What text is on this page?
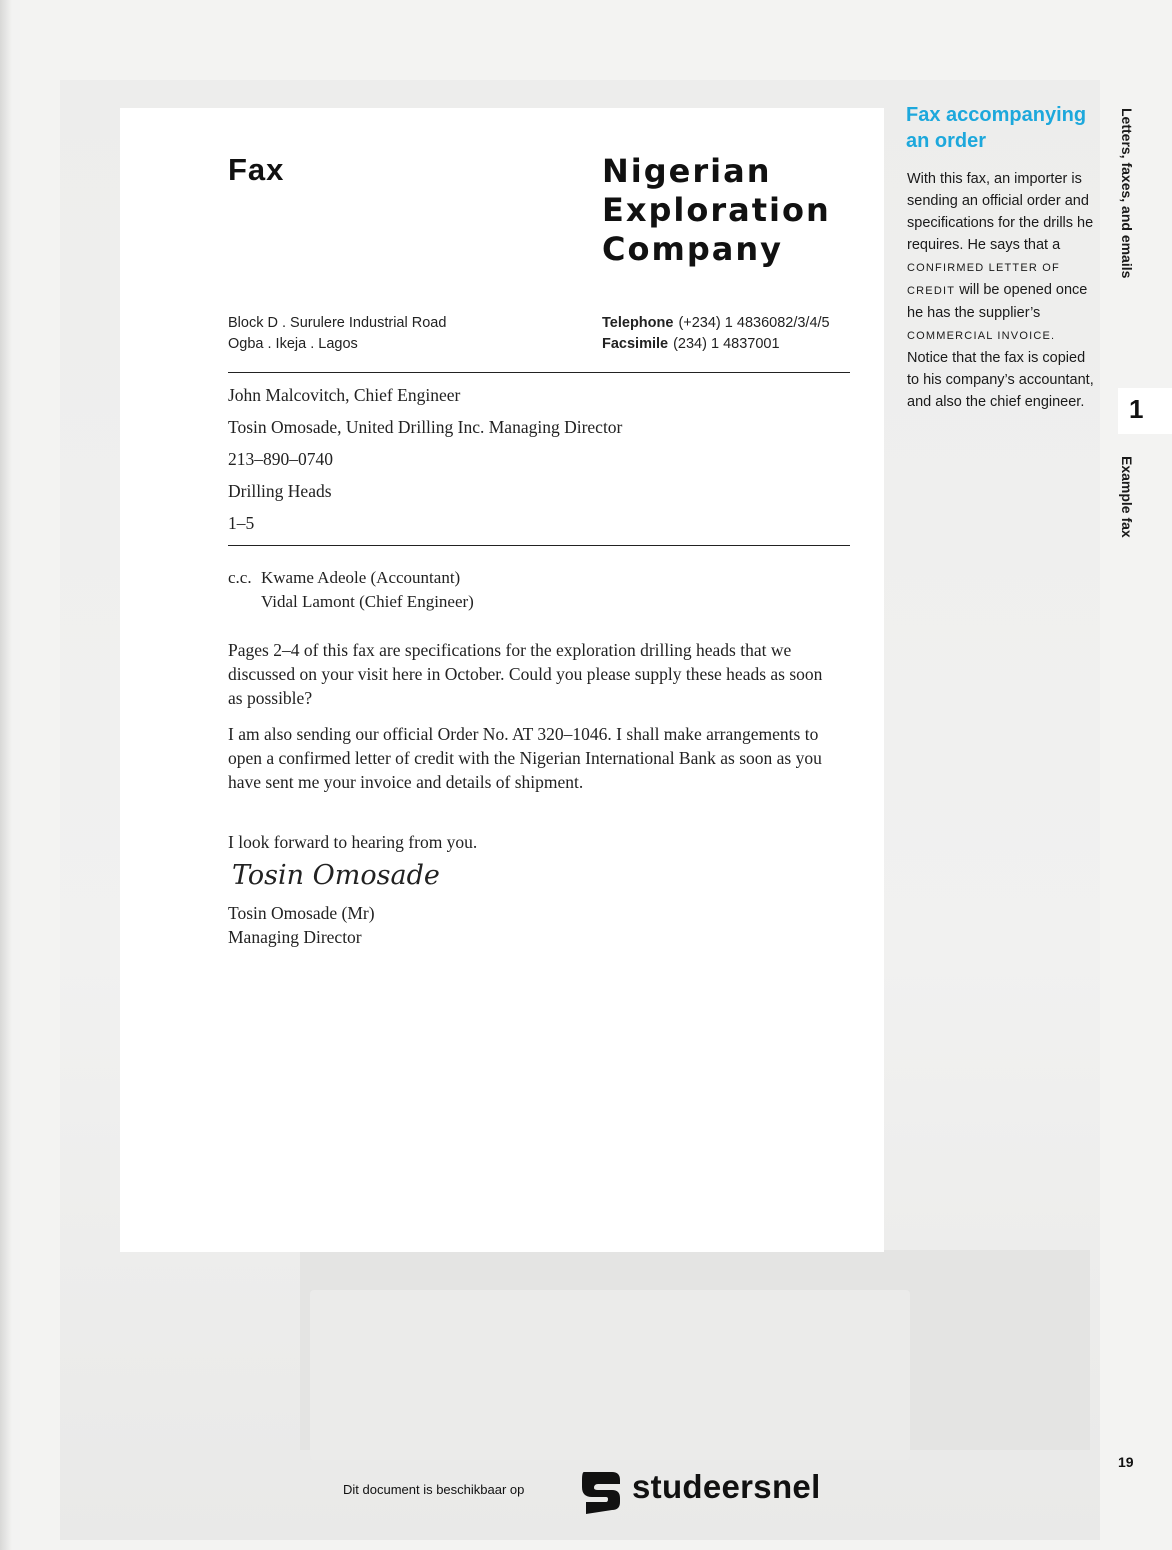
Fax	Nigerian
Exploration
Company
Block D . Surulere Industrial Road
Ogba . Ikeja . Lagos
Telephone (+234) 1 4836082/3/4/5
Facsimile (234) 1 4837001
John Malcovitch, Chief Engineer
Tosin Omosade, United Drilling Inc. Managing Director
213–890–0740
Drilling Heads
1–5
c.c. Kwame Adeole (Accountant)
Vidal Lamont (Chief Engineer)
Pages 2–4 of this fax are specifications for the exploration drilling heads that we discussed on your visit here in October. Could you please supply these heads as soon as possible?
I am also sending our official Order No. AT 320–1046. I shall make arrangements to open a confirmed letter of credit with the Nigerian International Bank as soon as you have sent me your invoice and details of shipment.
I look forward to hearing from you.
Tosin Omosade
Tosin Omosade (Mr)
Managing Director
Fax accompanying an order
With this fax, an importer is sending an official order and specifications for the drills he requires. He says that a CONFIRMED LETTER OF CREDIT will be opened once he has the supplier’s COMMERCIAL INVOICE. Notice that the fax is copied to his company’s accountant, and also the chief engineer.
Letters, faxes, and emails
1
Example fax
19
Dit document is beschikbaar op	studeersnel
